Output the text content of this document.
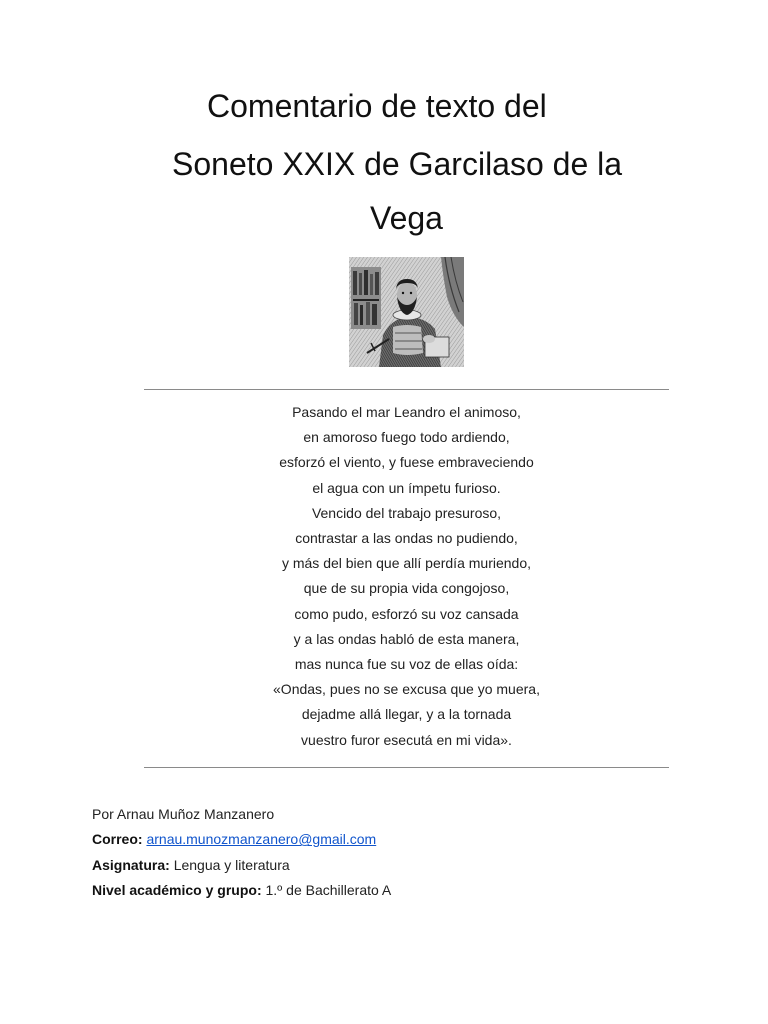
Comentario de texto del
Soneto XXIX de Garcilaso de la
Vega
Pasando el mar Leandro el animoso,
en amoroso fuego todo ardiendo,
esforzó el viento, y fuese embraveciendo
el agua con un ímpetu furioso.
Vencido del trabajo presuroso,
contrastar a las ondas no pudiendo,
y más del bien que allí perdía muriendo,
que de su propia vida congojoso,
como pudo, esforzó su voz cansada
y a las ondas habló de esta manera,
mas nunca fue su voz de ellas oída:
«Ondas, pues no se excusa que yo muera,
dejadme allá llegar, y a la tornada
vuestro furor esecutá en mi vida».
Por Arnau Muñoz Manzanero
Correo: arnau.munozmanzanero@gmail.com
Asignatura: Lengua y literatura
Nivel académico y grupo: 1.º de Bachillerato A
